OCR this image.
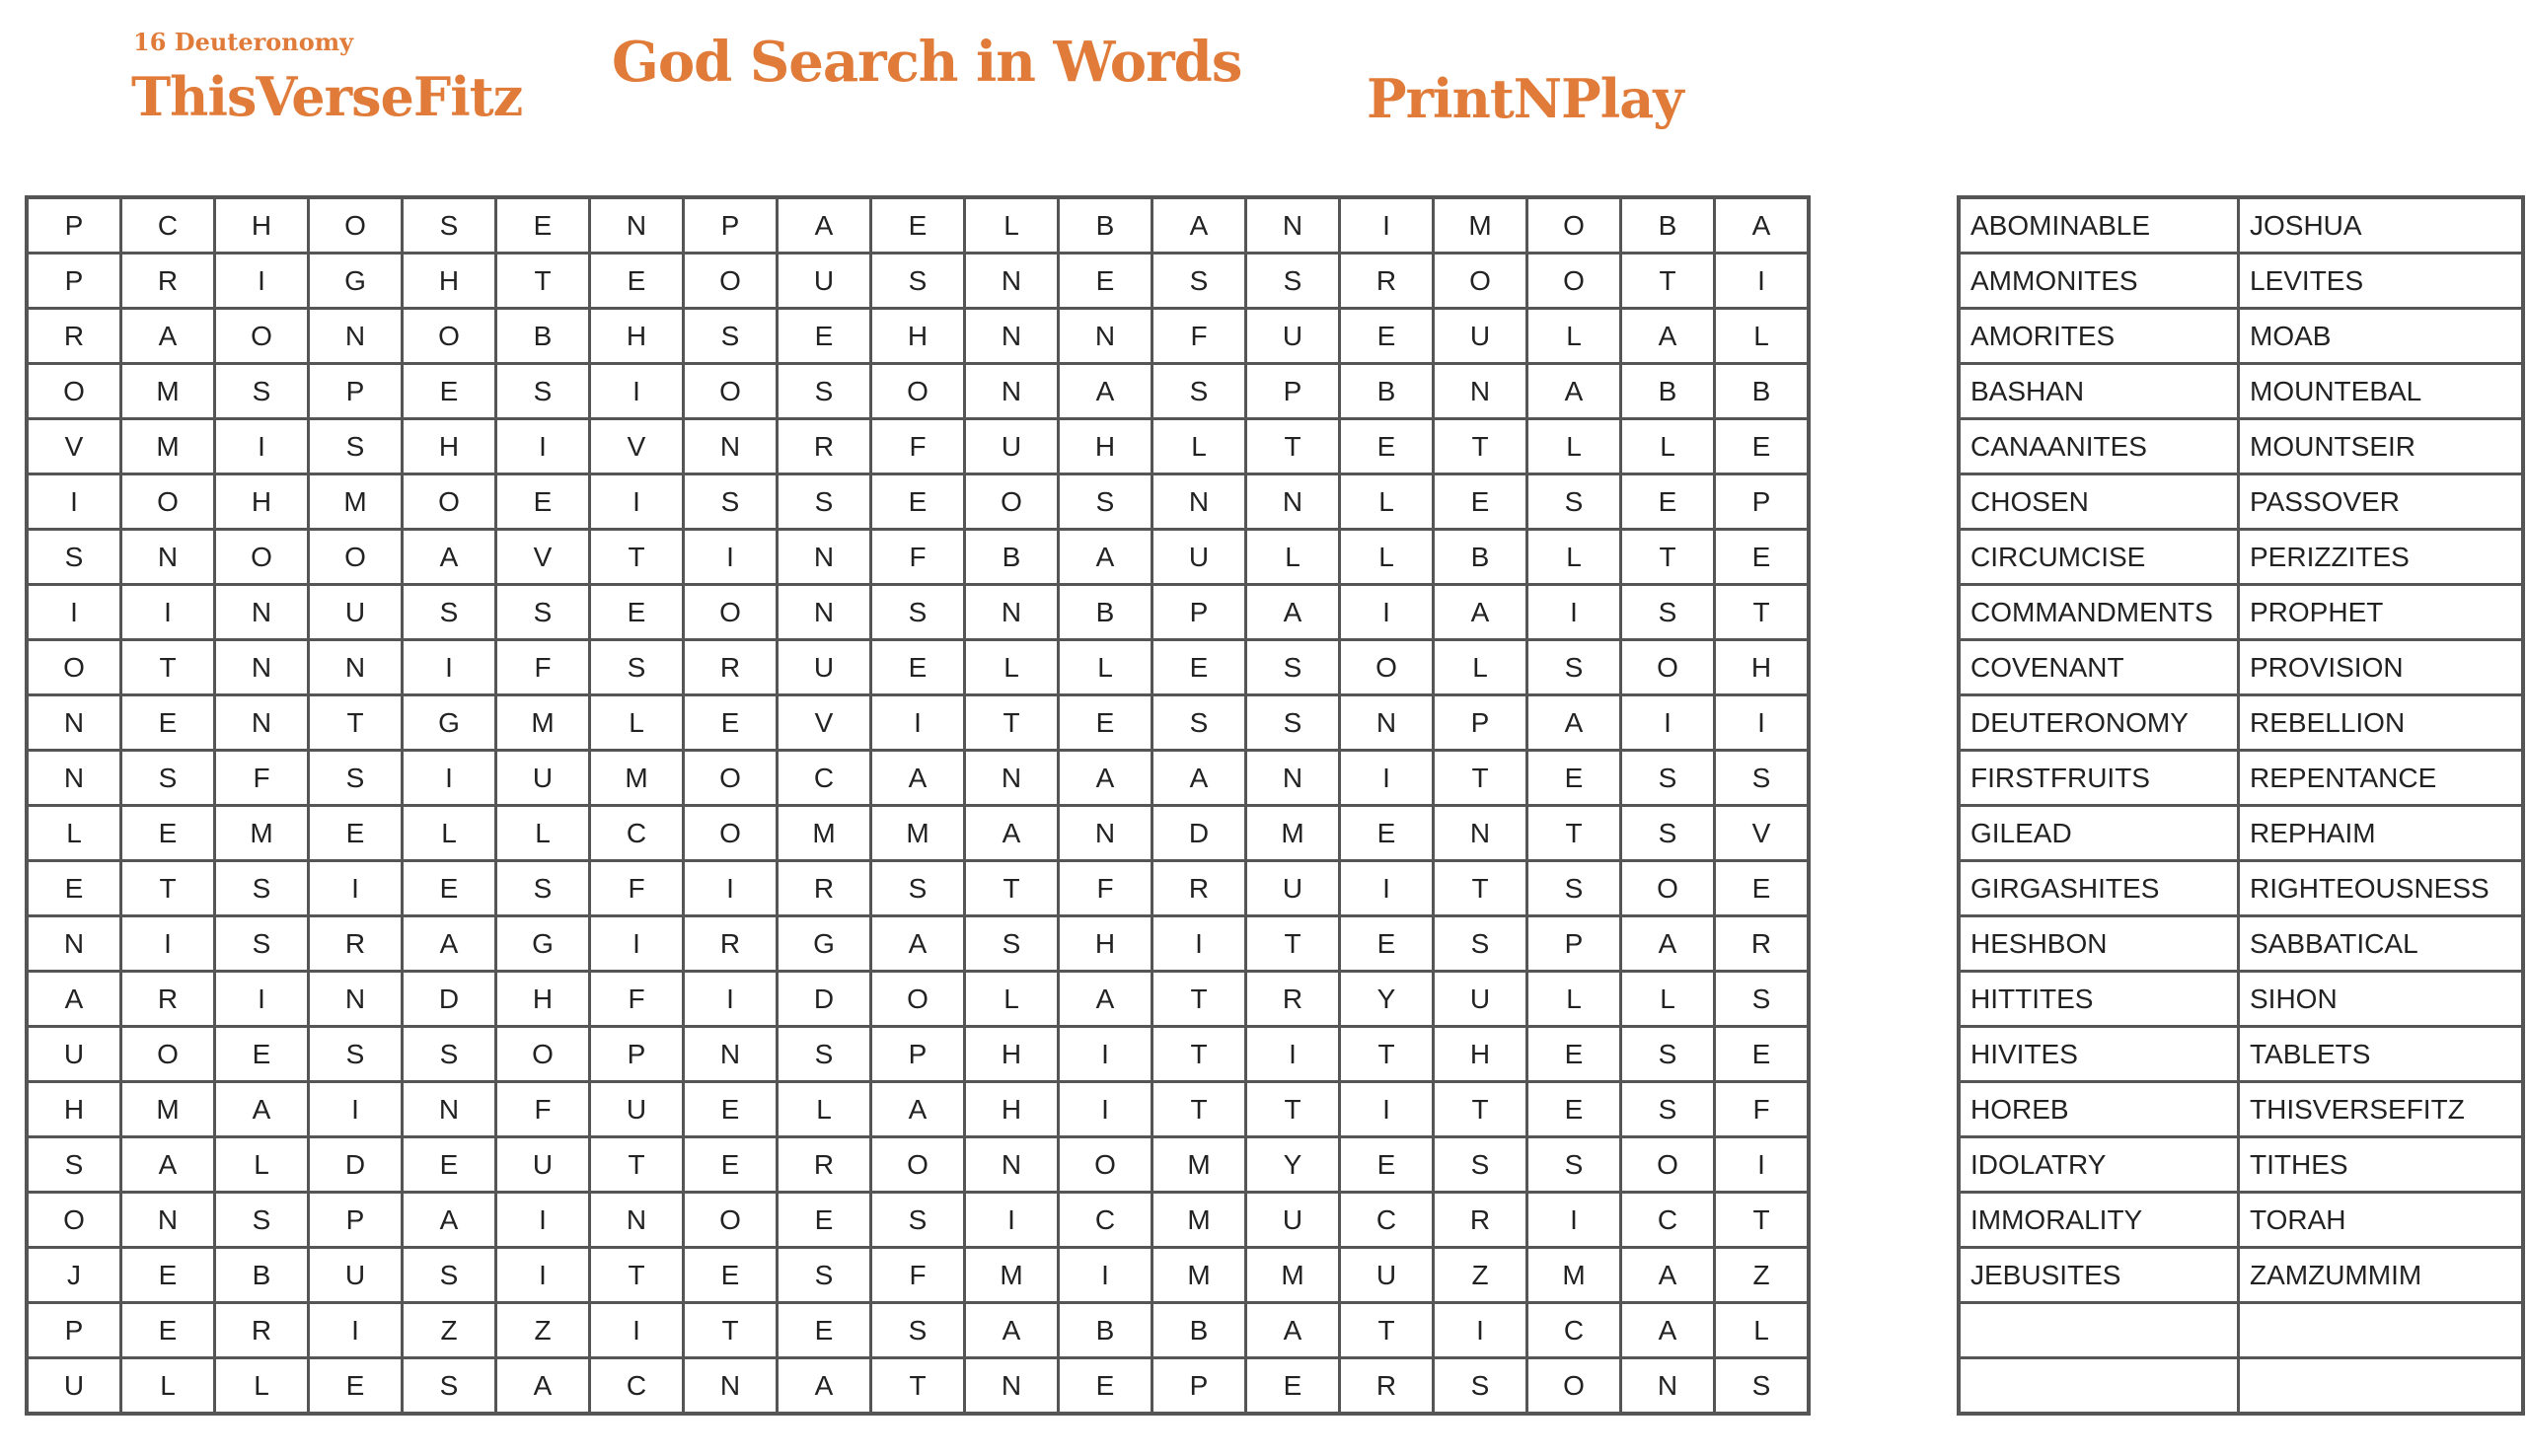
16 Deuteronomy
ThisVerseFitz
God Search in Words
PrintNPlay
P	C	H	O	S	E	N	P	A	E	L	B	A	N	I	M	O	B	A
P	R	I	G	H	T	E	O	U	S	N	E	S	S	R	O	O	T	I
R	A	O	N	O	B	H	S	E	H	N	N	F	U	E	U	L	A	L
O	M	S	P	E	S	I	O	S	O	N	A	S	P	B	N	A	B	B
V	M	I	S	H	I	V	N	R	F	U	H	L	T	E	T	L	L	E
I	O	H	M	O	E	I	S	S	E	O	S	N	N	L	E	S	E	P
S	N	O	O	A	V	T	I	N	F	B	A	U	L	L	B	L	T	E
I	I	N	U	S	S	E	O	N	S	N	B	P	A	I	A	I	S	T
O	T	N	N	I	F	S	R	U	E	L	L	E	S	O	L	S	O	H
N	E	N	T	G	M	L	E	V	I	T	E	S	S	N	P	A	I	I
N	S	F	S	I	U	M	O	C	A	N	A	A	N	I	T	E	S	S
L	E	M	E	L	L	C	O	M	M	A	N	D	M	E	N	T	S	V
E	T	S	I	E	S	F	I	R	S	T	F	R	U	I	T	S	O	E
N	I	S	R	A	G	I	R	G	A	S	H	I	T	E	S	P	A	R
A	R	I	N	D	H	F	I	D	O	L	A	T	R	Y	U	L	L	S
U	O	E	S	S	O	P	N	S	P	H	I	T	I	T	H	E	S	E
H	M	A	I	N	F	U	E	L	A	H	I	T	T	I	T	E	S	F
S	A	L	D	E	U	T	E	R	O	N	O	M	Y	E	S	S	O	I
O	N	S	P	A	I	N	O	E	S	I	C	M	U	C	R	I	C	T
J	E	B	U	S	I	T	E	S	F	M	I	M	M	U	Z	M	A	Z
P	E	R	I	Z	Z	I	T	E	S	A	B	B	A	T	I	C	A	L
U	L	L	E	S	A	C	N	A	T	N	E	P	E	R	S	O	N	S
ABOMINABLE	JOSHUA
AMMONITES	LEVITES
AMORITES	MOAB
BASHAN	MOUNTEBAL
CANAANITES	MOUNTSEIR
CHOSEN	PASSOVER
CIRCUMCISE	PERIZZITES
COMMANDMENTS	PROPHET
COVENANT	PROVISION
DEUTERONOMY	REBELLION
FIRSTFRUITS	REPENTANCE
GILEAD	REPHAIM
GIRGASHITES	RIGHTEOUSNESS
HESHBON	SABBATICAL
HITTITES	SIHON
HIVITES	TABLETS
HOREB	THISVERSEFITZ
IDOLATRY	TITHES
IMMORALITY	TORAH
JEBUSITES	ZAMZUMMIM
